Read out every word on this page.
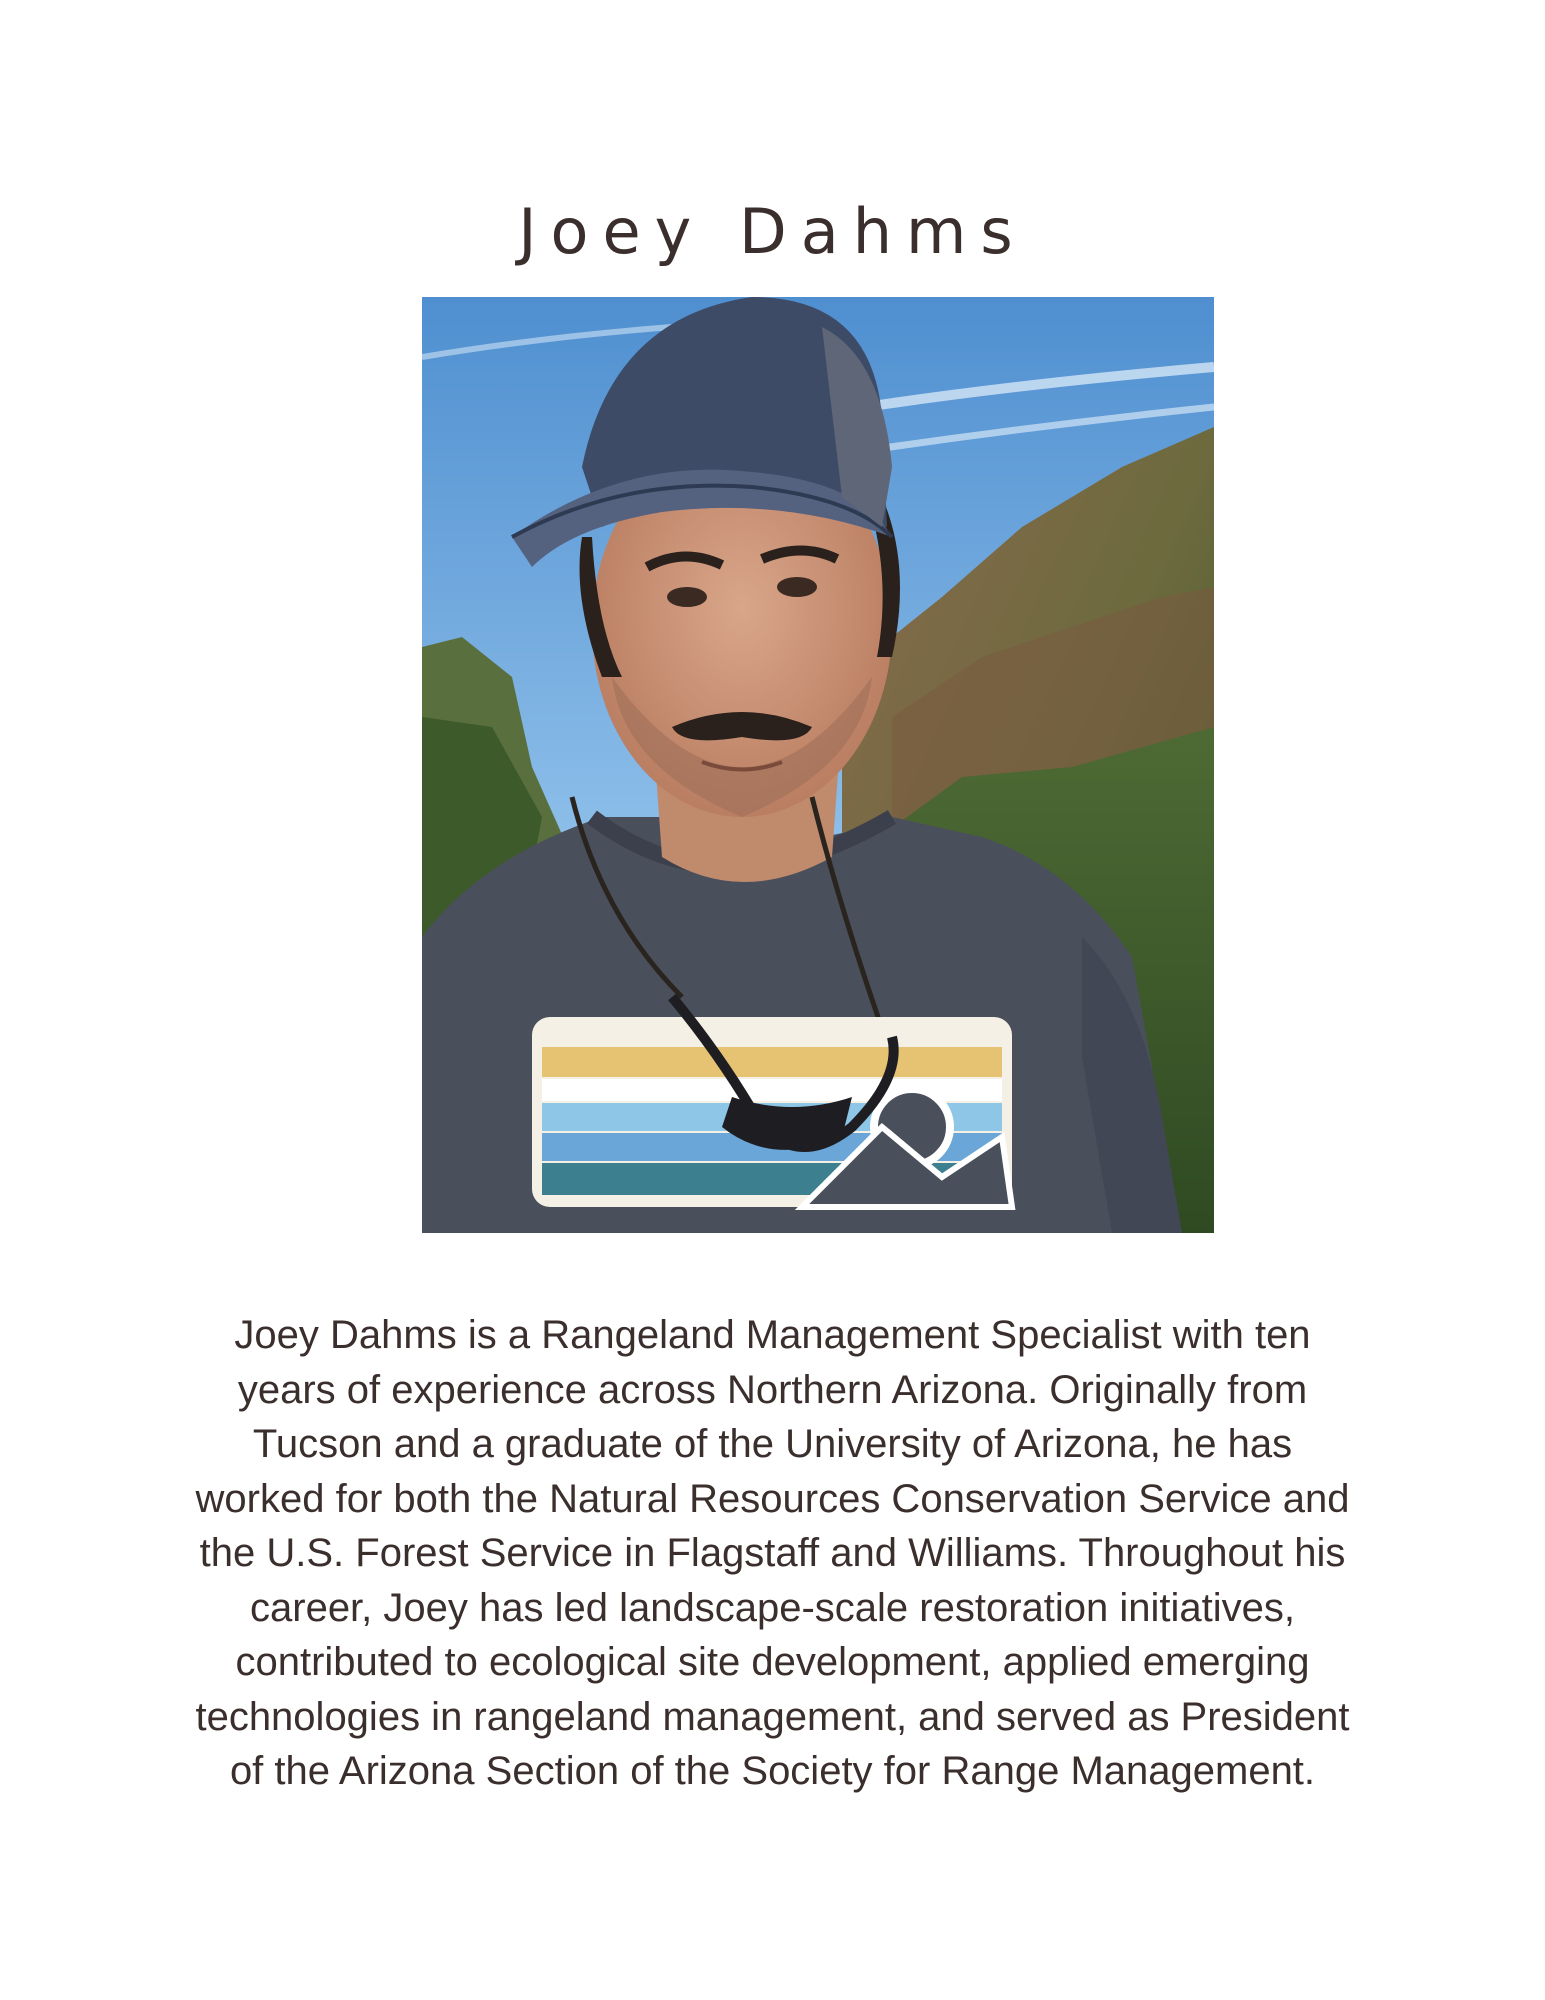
Joey Dahms

Joey Dahms is a Rangeland Management Specialist with ten years of experience across Northern Arizona. Originally from Tucson and a graduate of the University of Arizona, he has worked for both the Natural Resources Conservation Service and the U.S. Forest Service in Flagstaff and Williams. Throughout his career, Joey has led landscape-scale restoration initiatives, contributed to ecological site development, applied emerging technologies in rangeland management, and served as President of the Arizona Section of the Society for Range Management.
